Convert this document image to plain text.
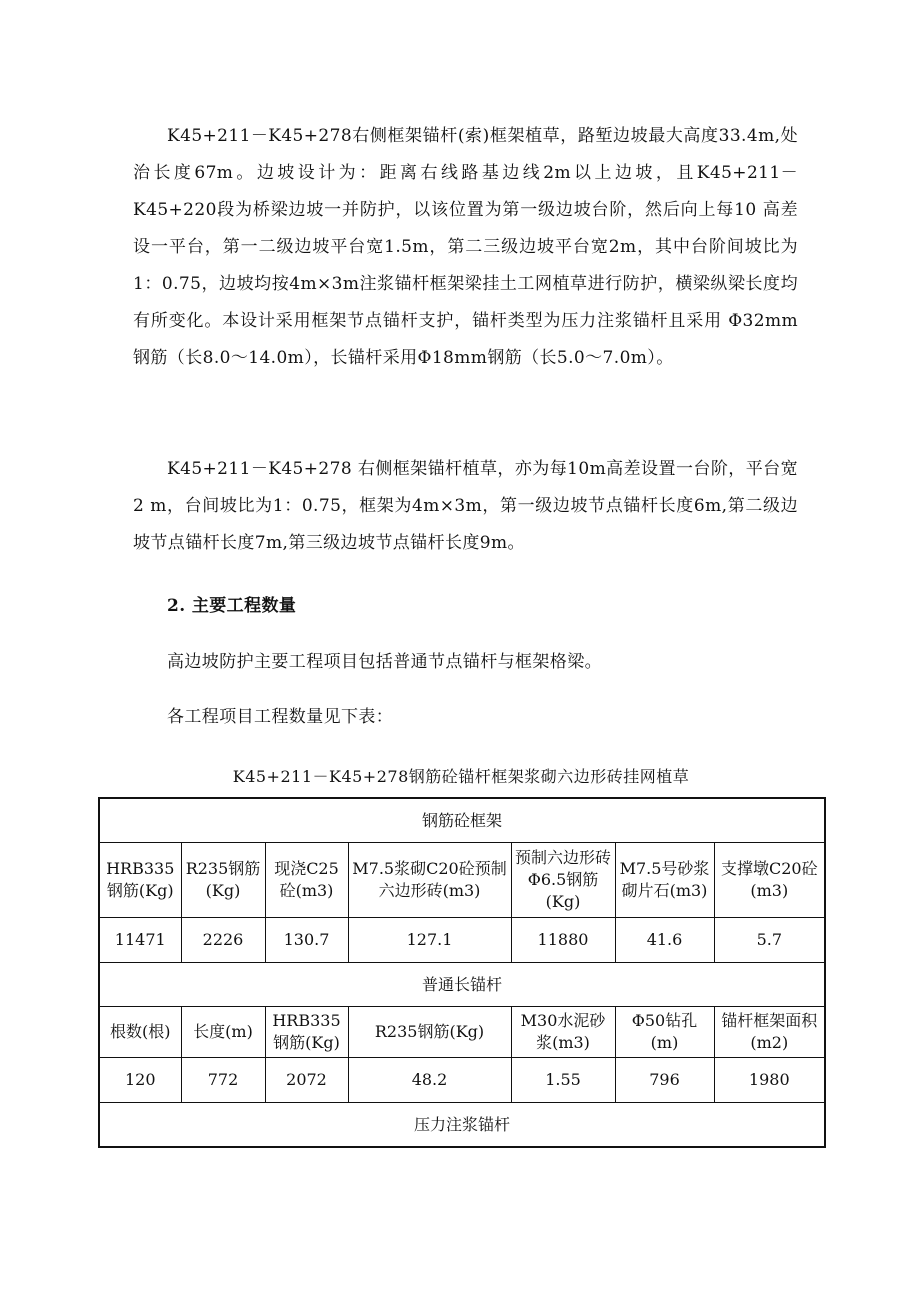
K45+211－K45+278右侧框架锚杆(索)框架植草，路堑边坡最大高度33.4m,处治长度67m。边坡设计为：距离右线路基边线2m以上边坡，且K45+211－K45+220段为桥梁边坡一并防护，以该位置为第一级边坡台阶，然后向上每10 高差设一平台，第一二级边坡平台宽1.5m，第二三级边坡平台宽2m，其中台阶间坡比为1：0.75，边坡均按4m×3m注浆锚杆框架梁挂土工网植草进行防护，横梁纵梁长度均有所变化。本设计采用框架节点锚杆支护，锚杆类型为压力注浆锚杆且采用 Φ32mm钢筋（长8.0～14.0m），长锚杆采用Φ18mm钢筋（长5.0～7.0m）。

K45+211－K45+278 右侧框架锚杆植草，亦为每10m高差设置一台阶，平台宽2 m，台间坡比为1：0.75，框架为4m×3m，第一级边坡节点锚杆长度6m,第二级边坡节点锚杆长度7m,第三级边坡节点锚杆长度9m。

2. 主要工程数量

高边坡防护主要工程项目包括普通节点锚杆与框架格梁。

各工程项目工程数量见下表：

K45+211－K45+278钢筋砼锚杆框架浆砌六边形砖挂网植草
钢筋砼框架						
HRB335钢筋(Kg)	R235钢筋(Kg)	现浇C25砼(m3)	M7.5浆砌C20砼预制六边形砖(m3)	预制六边形砖Φ6.5钢筋(Kg)	M7.5号砂浆砌片石(m3)	支撑墩C20砼(m3)
11471	2226	130.7	127.1	11880	41.6	5.7
普通长锚杆						
根数(根)	长度(m)	HRB335钢筋(Kg)	R235钢筋(Kg)	M30水泥砂浆(m3)	Φ50钻孔(m)	锚杆框架面积(m2)
120	772	2072	48.2	1.55	796	1980
压力注浆锚杆						
